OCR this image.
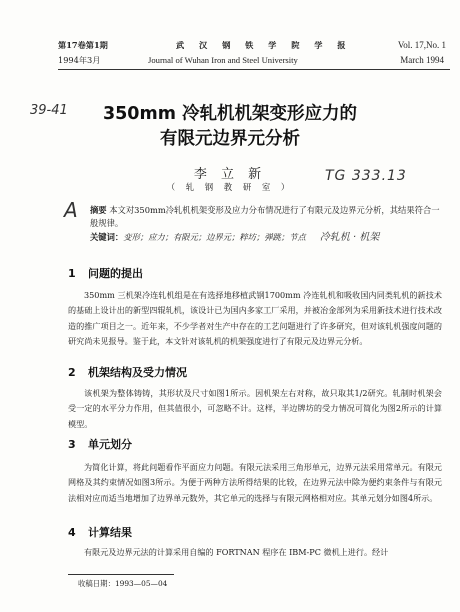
第17卷第1期
1994年3月
武 汉 钢 铁 学 院 学 报
Journal of Wuhan Iron and Steel University
Vol. 17,No. 1
March 1994
39-41
TG 333.13
A
350mm 冷轧机机架变形应力的
有限元边界元分析
李 立 新
（ 轧 钢 教 研 室 ）
摘要 本文对350mm冷轧机机架变形及应力分布情况进行了有限元及边界元分析，其结果符合一般规律。
关键词：变形；应力；有限元；边界元；粹坊；弹跳；节点 冷轧机 · 机架
1 问题的提出
350mm 三机架冷连轧机组是在有选择地移植武钢1700mm 冷连轧机和吸收国内同类轧机的新技术的基础上设计出的新型四辊轧机，该设计已为国内多家工厂采用，并被冶金部列为采用新技术进行技术改造的推广项目之一。近年来，不少学者对生产中存在的工艺问题进行了许多研究，但对该轧机强度问题的研究尚未见报导。鉴于此，本文针对该轧机的机架强度进行了有限元及边界元分析。
2 机架结构及受力情况
该机架为整体铸铸，其形状及尺寸如图1所示。因机架左右对称，故只取其1/2研究。轧制时机架会受一定的水平分力作用，但其值很小，可忽略不计。这样，半边牌坊的受力情况可简化为图2所示的计算模型。
3 单元划分
为简化计算，将此问题看作平面应力问题。有限元法采用三角形单元，边界元法采用常单元。有限元网格及其约束情况如图3所示。为便于两种方法所得结果的比较，在边界元法中除为便约束条件与有限元法相对应而适当地增加了边界单元数外，其它单元的选择与有限元网格相对应。其单元划分如图4所示。
4 计算结果
有限元及边界元法的计算采用自编的 FORTNAN 程序在 IBM-PC 微机上进行。经计
收稿日期：1993—05—04
